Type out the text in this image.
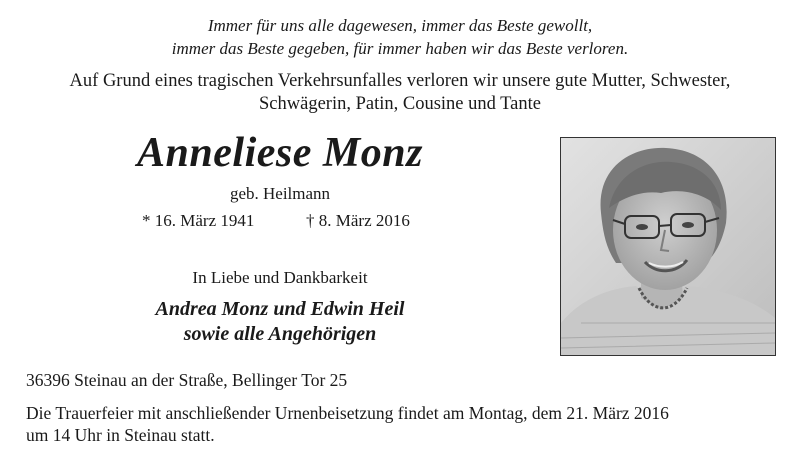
Immer für uns alle dagewesen, immer das Beste gewollt,
immer das Beste gegeben, für immer haben wir das Beste verloren.
Auf Grund eines tragischen Verkehrsunfalles verloren wir unsere gute Mutter, Schwester,
Schwägerin, Patin, Cousine und Tante
Anneliese Monz
geb. Heilmann
* 16. März 1941	† 8. März 2016
In Liebe und Dankbarkeit
Andrea Monz und Edwin Heil
sowie alle Angehörigen
36396 Steinau an der Straße, Bellinger Tor 25
Die Trauerfeier mit anschließender Urnenbeisetzung findet am Montag, dem 21. März 2016
um 14 Uhr in Steinau statt.
